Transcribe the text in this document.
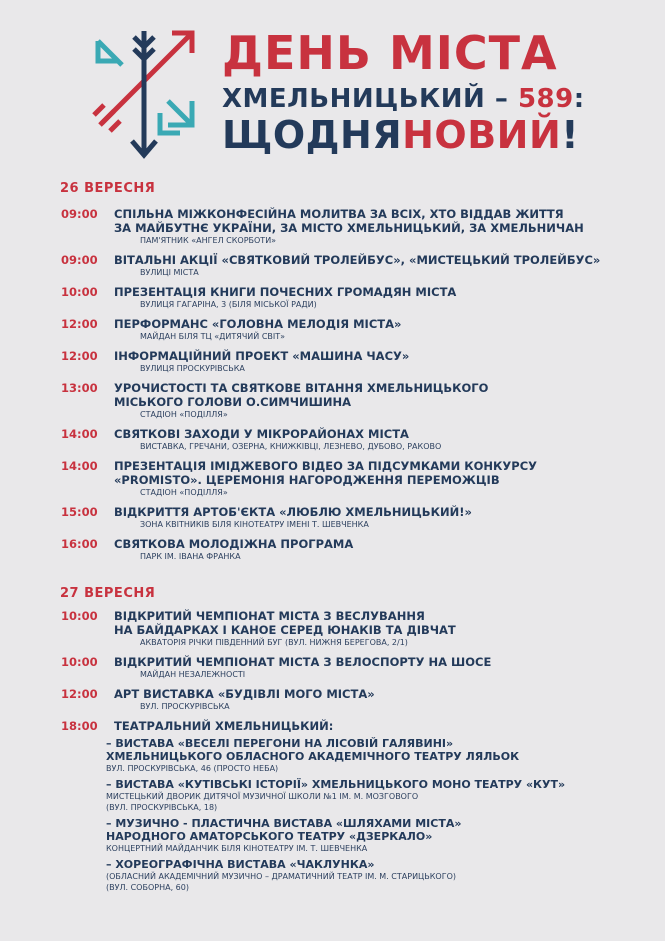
ДЕНЬ МІСТА
ХМЕЛЬНИЦЬКИЙ – 589:
ЩОДНЯНОВИЙ!
26 ВЕРЕСНЯ
09:00	СПІЛЬНА МІЖКОНФЕСІЙНА МОЛИТВА ЗА ВСІХ, ХТО ВІДДАВ ЖИТТЯ
ЗА МАЙБУТНЄ УКРАЇНИ, ЗА МІСТО ХМЕЛЬНИЦЬКИЙ, ЗА ХМЕЛЬНИЧАН
ПАМ'ЯТНИК «АНГЕЛ СКОРБОТИ»
09:00	ВІТАЛЬНІ АКЦІЇ «СВЯТКОВИЙ ТРОЛЕЙБУС», «МИСТЕЦЬКИЙ ТРОЛЕЙБУС»
ВУЛИЦІ МІСТА
10:00	ПРЕЗЕНТАЦІЯ КНИГИ ПОЧЕСНИХ ГРОМАДЯН МІСТА
ВУЛИЦЯ ГАГАРІНА, 3 (БІЛЯ МІСЬКОЇ РАДИ)
12:00	ПЕРФОРМАНС «ГОЛОВНА МЕЛОДІЯ МІСТА»
МАЙДАН БІЛЯ ТЦ «ДИТЯЧИЙ СВІТ»
12:00	ІНФОРМАЦІЙНИЙ ПРОЕКТ «МАШИНА ЧАСУ»
ВУЛИЦЯ ПРОСКУРІВСЬКА
13:00	УРОЧИСТОСТІ ТА СВЯТКОВЕ ВІТАННЯ ХМЕЛЬНИЦЬКОГО
МІСЬКОГО ГОЛОВИ О.СИМЧИШИНА
СТАДІОН «ПОДІЛЛЯ»
14:00	СВЯТКОВІ ЗАХОДИ У МІКРОРАЙОНАХ МІСТА
ВИСТАВКА, ГРЕЧАНИ, ОЗЕРНА, КНИЖКІВЦІ, ЛЕЗНЕВО, ДУБОВО, РАКОВО
14:00	ПРЕЗЕНТАЦІЯ ІМІДЖЕВОГО ВІДЕО ЗА ПІДСУМКАМИ КОНКУРСУ
«PROMISTO». ЦЕРЕМОНІЯ НАГОРОДЖЕННЯ ПЕРЕМОЖЦІВ
СТАДІОН «ПОДІЛЛЯ»
15:00	ВІДКРИТТЯ АРТОБ'ЄКТА «ЛЮБЛЮ ХМЕЛЬНИЦЬКИЙ!»
ЗОНА КВІТНИКІВ БІЛЯ КІНОТЕАТРУ ІМЕНІ Т. ШЕВЧЕНКА
16:00	СВЯТКОВА МОЛОДІЖНА ПРОГРАМА
ПАРК ІМ. ІВАНА ФРАНКА
27 ВЕРЕСНЯ
10:00	ВІДКРИТИЙ ЧЕМПІОНАТ МІСТА З ВЕСЛУВАННЯ
НА БАЙДАРКАХ І КАНОЕ СЕРЕД ЮНАКІВ ТА ДІВЧАТ
АКВАТОРІЯ РІЧКИ ПІВДЕННИЙ БУГ (ВУЛ. НИЖНЯ БЕРЕГОВА, 2/1)
10:00	ВІДКРИТИЙ ЧЕМПІОНАТ МІСТА З ВЕЛОСПОРТУ НА ШОСЕ
МАЙДАН НЕЗАЛЕЖНОСТІ
12:00	АРТ ВИСТАВКА «БУДІВЛІ МОГО МІСТА»
ВУЛ. ПРОСКУРІВСЬКА
18:00	ТЕАТРАЛЬНИЙ ХМЕЛЬНИЦЬКИЙ:
– ВИСТАВА «ВЕСЕЛІ ПЕРЕГОНИ НА ЛІСОВІЙ ГАЛЯВИНІ»
ХМЕЛЬНИЦЬКОГО ОБЛАСНОГО АКАДЕМІЧНОГО ТЕАТРУ ЛЯЛЬОК
ВУЛ. ПРОСКУРІВСЬКА, 46 (ПРОСТО НЕБА)
– ВИСТАВА «КУТІВСЬКІ ІСТОРІЇ» ХМЕЛЬНИЦЬКОГО МОНО ТЕАТРУ «КУТ»
МИСТЕЦЬКИЙ ДВОРИК ДИТЯЧОЇ МУЗИЧНОЇ ШКОЛИ №1 ІМ. М. МОЗГОВОГО
(ВУЛ. ПРОСКУРІВСЬКА, 18)
– МУЗИЧНО - ПЛАСТИЧНА ВИСТАВА «ШЛЯХАМИ МІСТА»
НАРОДНОГО АМАТОРСЬКОГО ТЕАТРУ «ДЗЕРКАЛО»
КОНЦЕРТНИЙ МАЙДАНЧИК БІЛЯ КІНОТЕАТРУ ІМ. Т. ШЕВЧЕНКА
– ХОРЕОГРАФІЧНА ВИСТАВА «ЧАКЛУНКА»
(ОБЛАСНИЙ АКАДЕМІЧНИЙ МУЗИЧНО – ДРАМАТИЧНИЙ ТЕАТР ІМ. М. СТАРИЦЬКОГО)
(ВУЛ. СОБОРНА, 60)
